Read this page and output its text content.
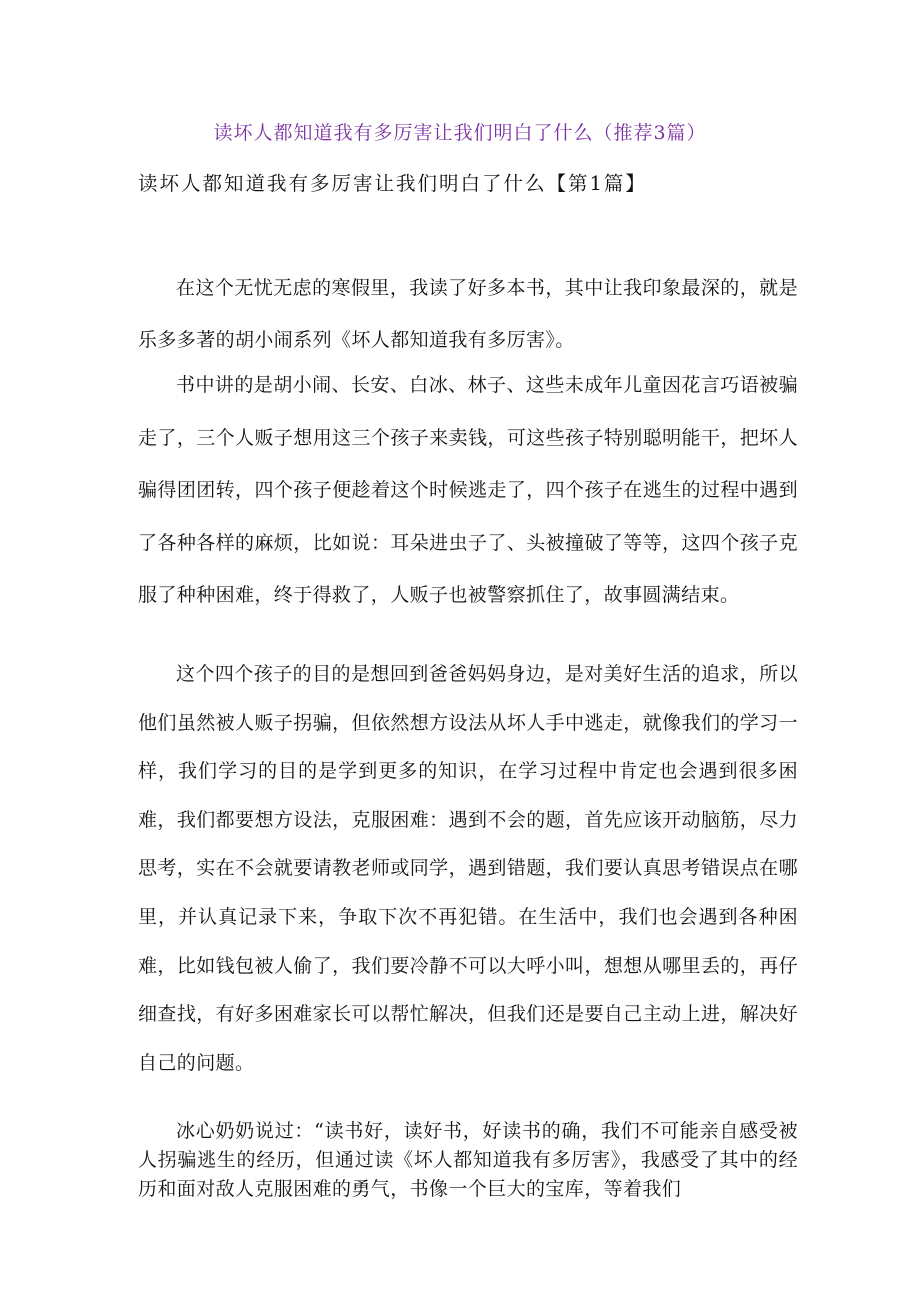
读坏人都知道我有多厉害让我们明白了什么（推荐3篇）
读坏人都知道我有多厉害让我们明白了什么【第1篇】

在这个无忧无虑的寒假里，我读了好多本书，其中让我印象最深的，就是乐多多著的胡小闹系列《坏人都知道我有多厉害》。

书中讲的是胡小闹、长安、白冰、林子、这些未成年儿童因花言巧语被骗走了，三个人贩子想用这三个孩子来卖钱，可这些孩子特别聪明能干，把坏人骗得团团转，四个孩子便趁着这个时候逃走了，四个孩子在逃生的过程中遇到了各种各样的麻烦，比如说：耳朵进虫子了、头被撞破了等等，这四个孩子克服了种种困难，终于得救了，人贩子也被警察抓住了，故事圆满结束。

这个四个孩子的目的是想回到爸爸妈妈身边，是对美好生活的追求，所以他们虽然被人贩子拐骗，但依然想方设法从坏人手中逃走，就像我们的学习一样，我们学习的目的是学到更多的知识，在学习过程中肯定也会遇到很多困难，我们都要想方设法，克服困难：遇到不会的题，首先应该开动脑筋，尽力思考，实在不会就要请教老师或同学，遇到错题，我们要认真思考错误点在哪里，并认真记录下来，争取下次不再犯错。在生活中，我们也会遇到各种困难，比如钱包被人偷了，我们要冷静不可以大呼小叫，想想从哪里丢的，再仔细查找，有好多困难家长可以帮忙解决，但我们还是要自己主动上进，解决好自己的问题。

冰心奶奶说过：“读书好，读好书，好读书的确，我们不可能亲自感受被人拐骗逃生的经历，但通过读《坏人都知道我有多厉害》，我感受了其中的经历和面对敌人克服困难的勇气，书像一个巨大的宝库，等着我们
